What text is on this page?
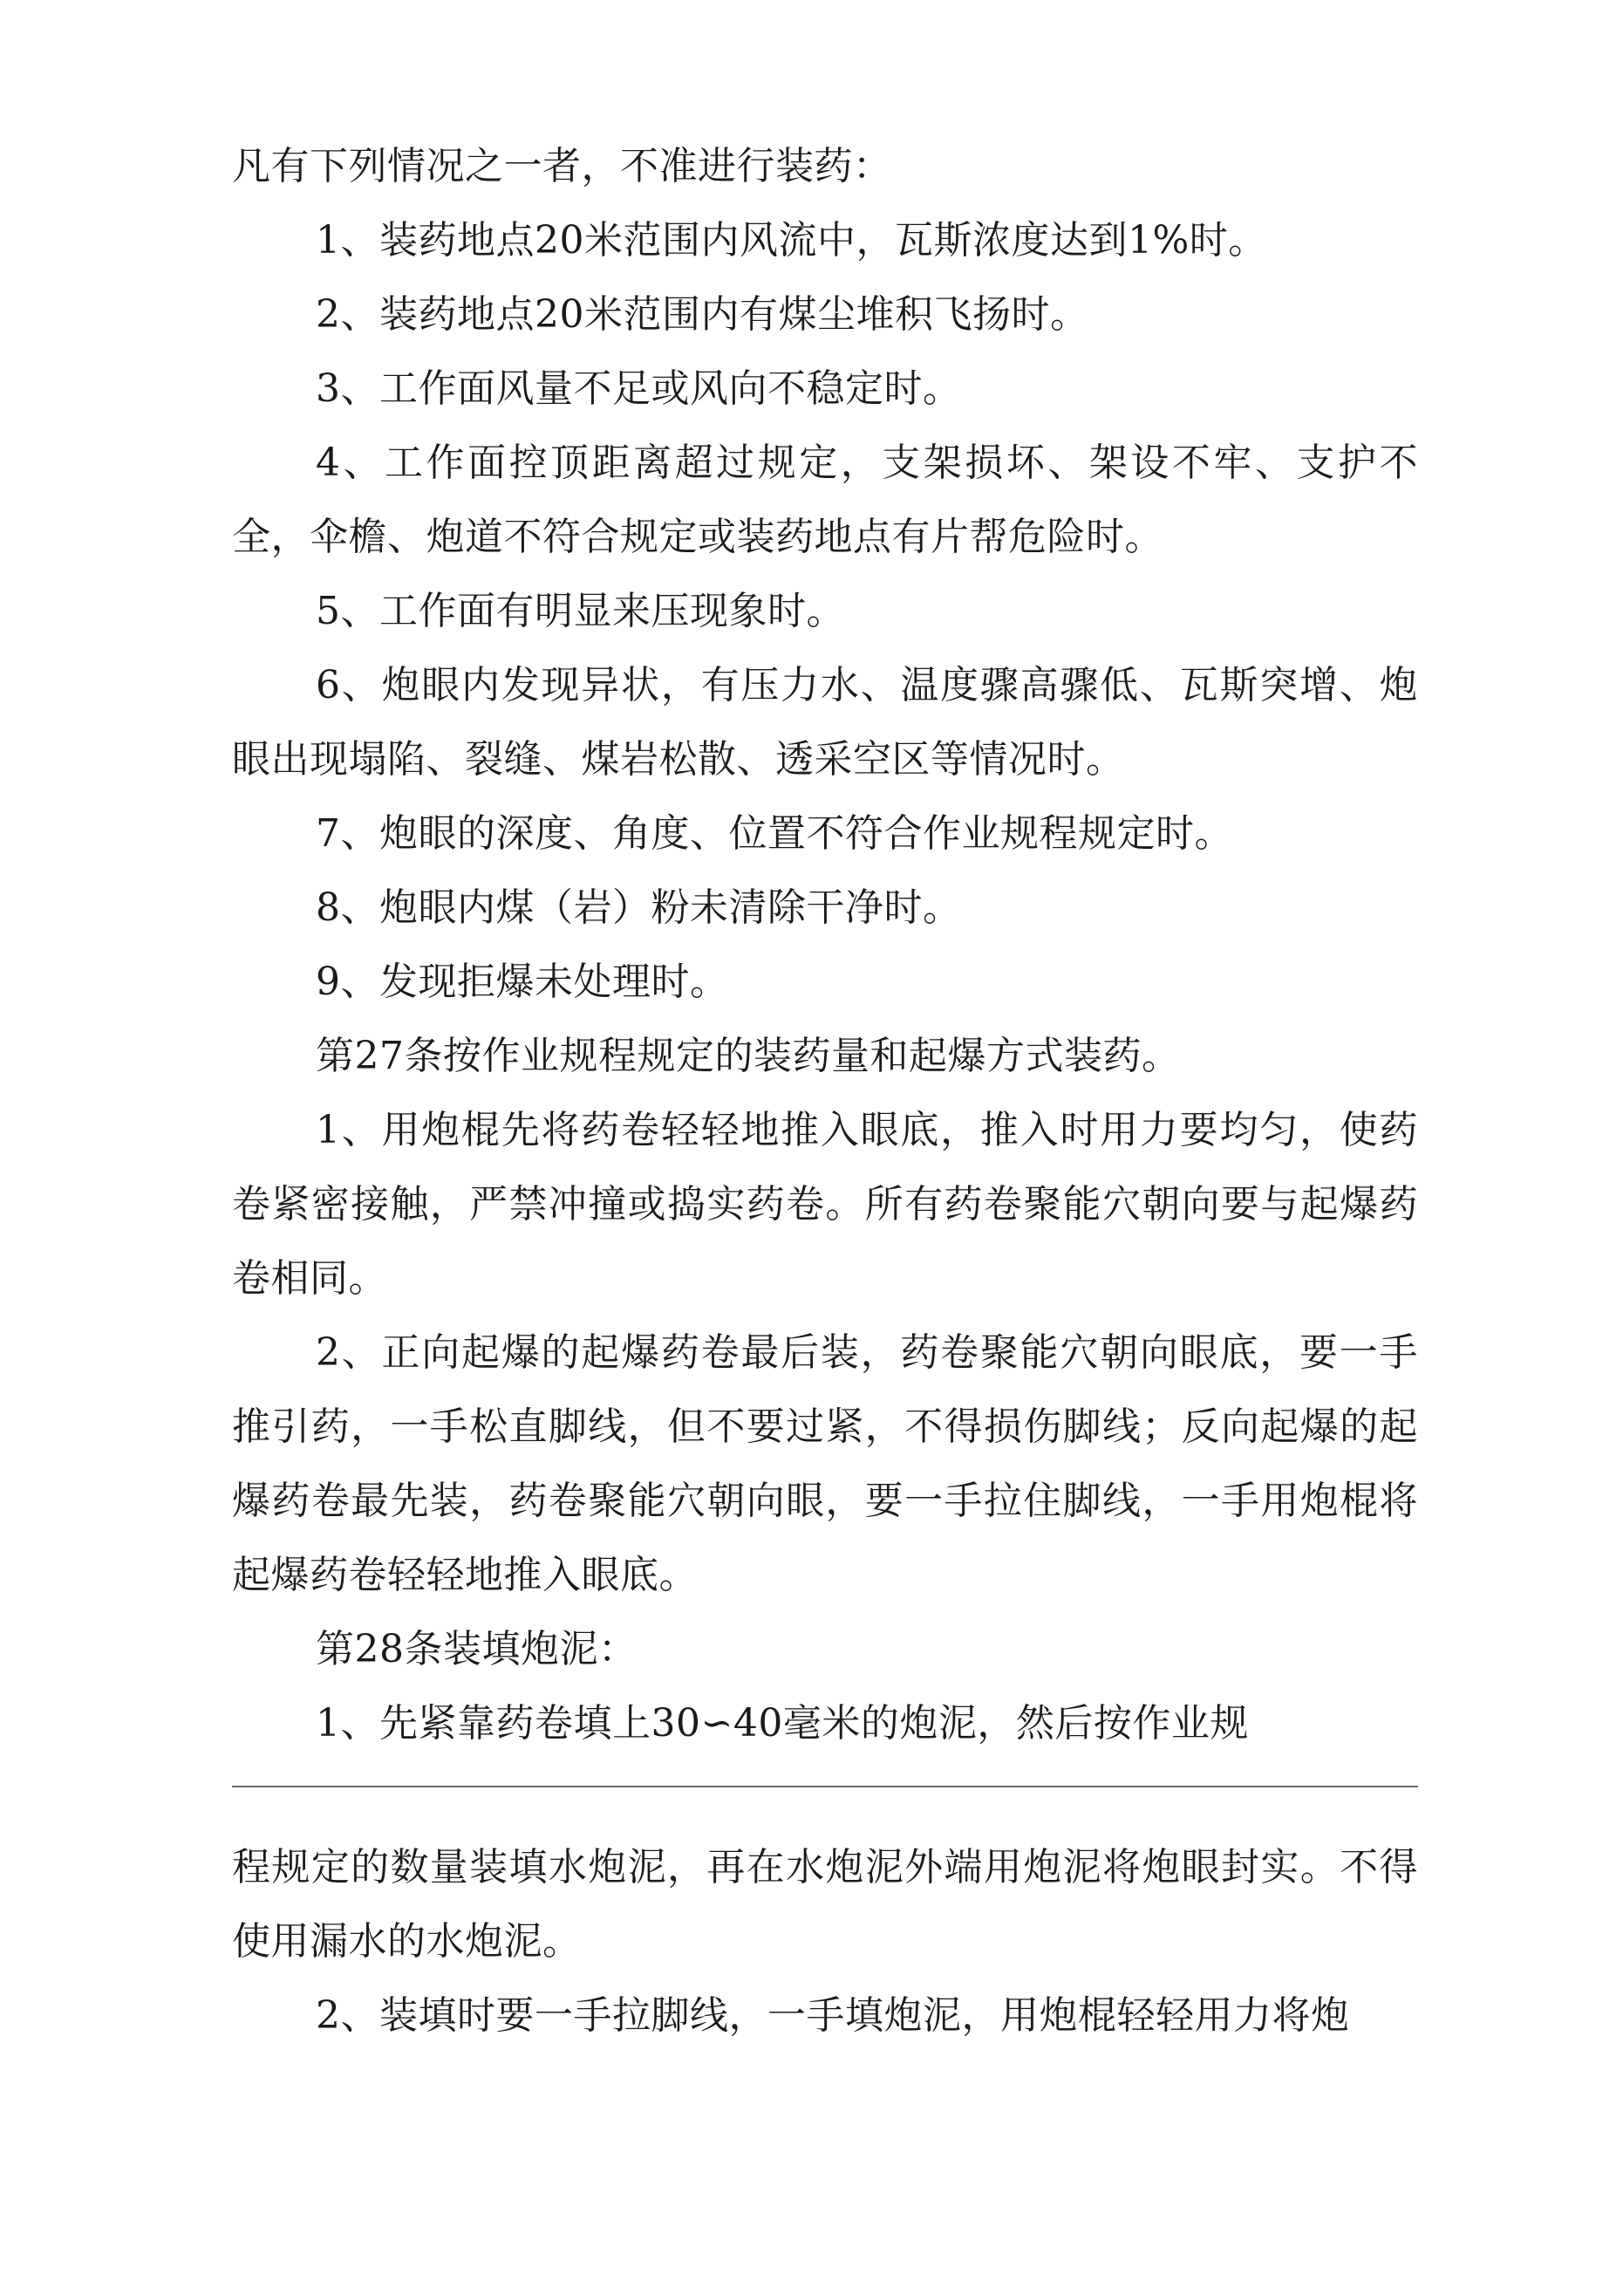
凡有下列情况之一者，不准进行装药：

1、装药地点20米范围内风流中，瓦斯浓度达到1%时。

2、装药地点20米范围内有煤尘堆积飞扬时。

3、工作面风量不足或风向不稳定时。

4、工作面控顶距离超过规定，支架损坏、架设不牢、支护不全，伞檐、炮道不符合规定或装药地点有片帮危险时。

5、工作面有明显来压现象时。

6、炮眼内发现异状，有压力水、温度骤高骤低、瓦斯突增、炮眼出现塌陷、裂缝、煤岩松散、透采空区等情况时。

7、炮眼的深度、角度、位置不符合作业规程规定时。

8、炮眼内煤（岩）粉未清除干净时。

9、发现拒爆未处理时。

第27条按作业规程规定的装药量和起爆方式装药。

1、用炮棍先将药卷轻轻地推入眼底，推入时用力要均匀，使药卷紧密接触，严禁冲撞或捣实药卷。所有药卷聚能穴朝向要与起爆药卷相同。

2、正向起爆的起爆药卷最后装，药卷聚能穴朝向眼底，要一手推引药，一手松直脚线，但不要过紧，不得损伤脚线；反向起爆的起爆药卷最先装，药卷聚能穴朝向眼，要一手拉住脚线，一手用炮棍将起爆药卷轻轻地推入眼底。

第28条装填炮泥：

1、先紧靠药卷填上30∽40毫米的炮泥，然后按作业规

程规定的数量装填水炮泥，再在水炮泥外端用炮泥将炮眼封实。不得使用漏水的水炮泥。

2、装填时要一手拉脚线，一手填炮泥，用炮棍轻轻用力将炮
